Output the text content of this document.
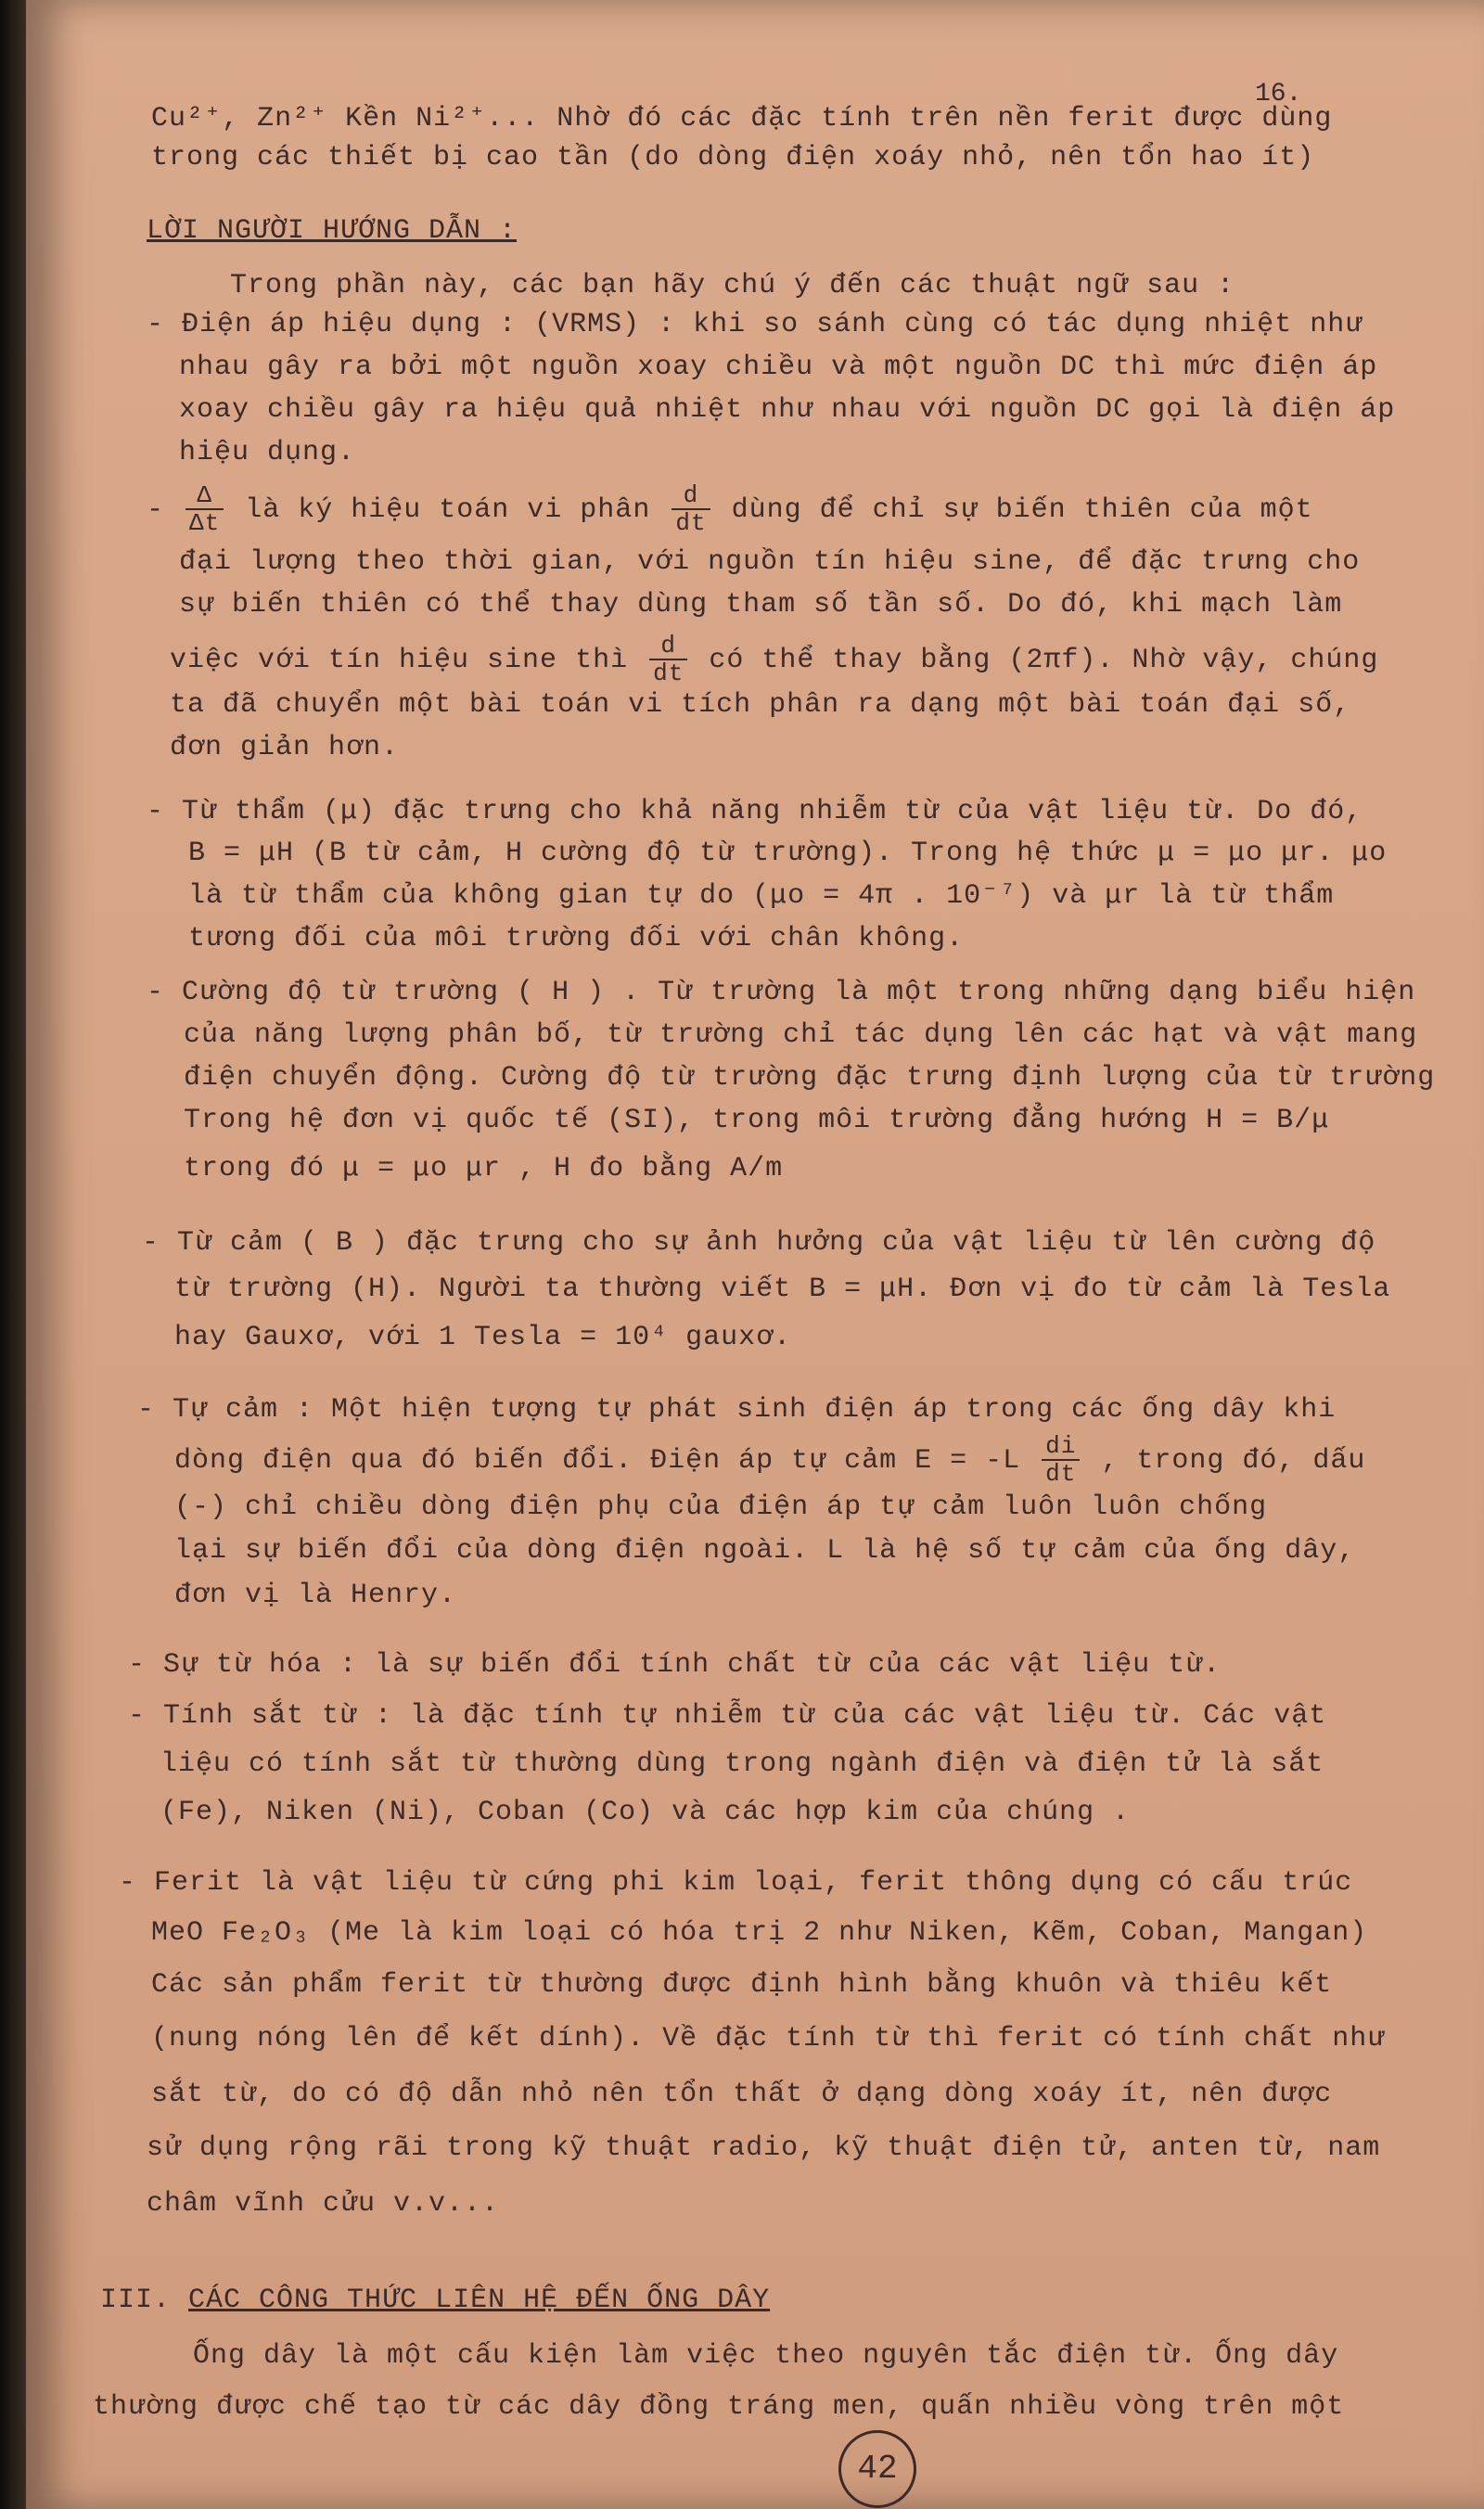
16.
Cu²⁺, Zn²⁺ Kền Ni²⁺... Nhờ đó các đặc tính trên nền ferit được dùng
trong các thiết bị cao tần (do dòng điện xoáy nhỏ, nên tổn hao ít)
LỜI NGƯỜI HƯỚNG DẪN :
Trong phần này, các bạn hãy chú ý đến các thuật ngữ sau :
- Điện áp hiệu dụng : (VRMS) : khi so sánh cùng có tác dụng nhiệt như
nhau gây ra bởi một nguồn xoay chiều và một nguồn DC thì mức điện áp
xoay chiều gây ra hiệu quả nhiệt như nhau với nguồn DC gọi là điện áp
hiệu dụng.
- $\frac{\Delta}{\Delta t}$ là ký hiệu toán vi phân $\frac{d}{dt}$ dùng để chỉ sự biến thiên của một
đại lượng theo thời gian, với nguồn tín hiệu sine, để đặc trưng cho
sự biến thiên có thể thay dùng tham số tần số. Do đó, khi mạch làm
việc với tín hiệu sine thì $\frac{d}{dt}$ có thể thay bằng (2πf). Nhờ vậy, chúng
ta đã chuyển một bài toán vi tích phân ra dạng một bài toán đại số,
đơn giản hơn.
- Từ thẩm (μ) đặc trưng cho khả năng nhiễm từ của vật liệu từ. Do đó,
B = μH (B từ cảm, H cường độ từ trường). Trong hệ thức μ = μo μr. μo
là từ thẩm của không gian tự do (μo = 4π . 10⁻⁷) và μr là từ thẩm
tương đối của môi trường đối với chân không.
- Cường độ từ trường ( H ) . Từ trường là một trong những dạng biểu hiện
của năng lượng phân bố, từ trường chỉ tác dụng lên các hạt và vật mang
điện chuyển động. Cường độ từ trường đặc trưng định lượng của từ trường
Trong hệ đơn vị quốc tế (SI), trong môi trường đẳng hướng H = B/μ
trong đó μ = μo μr , H đo bằng A/m
- Từ cảm ( B ) đặc trưng cho sự ảnh hưởng của vật liệu từ lên cường độ
từ trường (H). Người ta thường viết B = μH. Đơn vị đo từ cảm là Tesla
hay Gauxơ, với 1 Tesla = 10⁴ gauxơ.
- Tự cảm : Một hiện tượng tự phát sinh điện áp trong các ống dây khi
dòng điện qua đó biến đổi. Điện áp tự cảm $E = -L \frac{di}{dt}$ , trong đó, dấu
(-) chỉ chiều dòng điện phụ của điện áp tự cảm luôn luôn chống
lại sự biến đổi của dòng điện ngoài. L là hệ số tự cảm của ống dây,
đơn vị là Henry.
- Sự từ hóa : là sự biến đổi tính chất từ của các vật liệu từ.
- Tính sắt từ : là đặc tính tự nhiễm từ của các vật liệu từ. Các vật
liệu có tính sắt từ thường dùng trong ngành điện và điện tử là sắt
(Fe), Niken (Ni), Coban (Co) và các hợp kim của chúng .
- Ferit là vật liệu từ cứng phi kim loại, ferit thông dụng có cấu trúc
MeO Fe₂O₃ (Me là kim loại có hóa trị 2 như Niken, Kẽm, Coban, Mangan)
Các sản phẩm ferit từ thường được định hình bằng khuôn và thiêu kết
(nung nóng lên để kết dính). Về đặc tính từ thì ferit có tính chất như
sắt từ, do có độ dẫn nhỏ nên tổn thất ở dạng dòng xoáy ít, nên được
sử dụng rộng rãi trong kỹ thuật radio, kỹ thuật điện tử, anten từ, nam
châm vĩnh cửu v.v...
III. CÁC CÔNG THỨC LIÊN HỆ ĐẾN ỐNG DÂY
Ống dây là một cấu kiện làm việc theo nguyên tắc điện từ. Ống dây
thường được chế tạo từ các dây đồng tráng men, quấn nhiều vòng trên một
42
